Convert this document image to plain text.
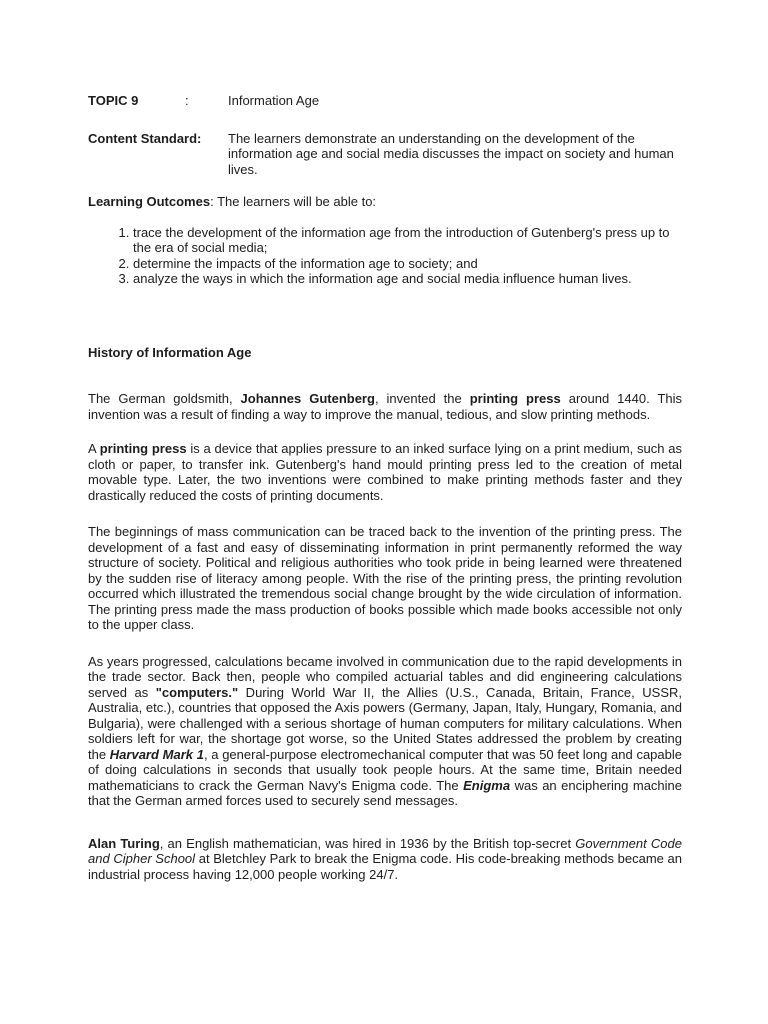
TOPIC 9	:	Information Age
Content Standard:	The learners demonstrate an understanding on the development of the information age and social media discusses the impact on society and human lives.

Learning Outcomes: The learners will be able to:

1. trace the development of the information age from the introduction of Gutenberg's press up to the era of social media;
2. determine the impacts of the information age to society; and
3. analyze the ways in which the information age and social media influence human lives.
History of Information Age

The German goldsmith, Johannes Gutenberg, invented the printing press around 1440. This invention was a result of finding a way to improve the manual, tedious, and slow printing methods.

A printing press is a device that applies pressure to an inked surface lying on a print medium, such as cloth or paper, to transfer ink. Gutenberg's hand mould printing press led to the creation of metal movable type. Later, the two inventions were combined to make printing methods faster and they drastically reduced the costs of printing documents.

The beginnings of mass communication can be traced back to the invention of the printing press. The development of a fast and easy of disseminating information in print permanently reformed the way structure of society. Political and religious authorities who took pride in being learned were threatened by the sudden rise of literacy among people. With the rise of the printing press, the printing revolution occurred which illustrated the tremendous social change brought by the wide circulation of information. The printing press made the mass production of books possible which made books accessible not only to the upper class.

As years progressed, calculations became involved in communication due to the rapid developments in the trade sector. Back then, people who compiled actuarial tables and did engineering calculations served as "computers." During World War II, the Allies (U.S., Canada, Britain, France, USSR, Australia, etc.), countries that opposed the Axis powers (Germany, Japan, Italy, Hungary, Romania, and Bulgaria), were challenged with a serious shortage of human computers for military calculations. When soldiers left for war, the shortage got worse, so the United States addressed the problem by creating the Harvard Mark 1, a general-purpose electromechanical computer that was 50 feet long and capable of doing calculations in seconds that usually took people hours. At the same time, Britain needed mathematicians to crack the German Navy's Enigma code. The Enigma was an enciphering machine that the German armed forces used to securely send messages.

Alan Turing, an English mathematician, was hired in 1936 by the British top-secret Government Code and Cipher School at Bletchley Park to break the Enigma code. His code-breaking methods became an industrial process having 12,000 people working 24/7.
